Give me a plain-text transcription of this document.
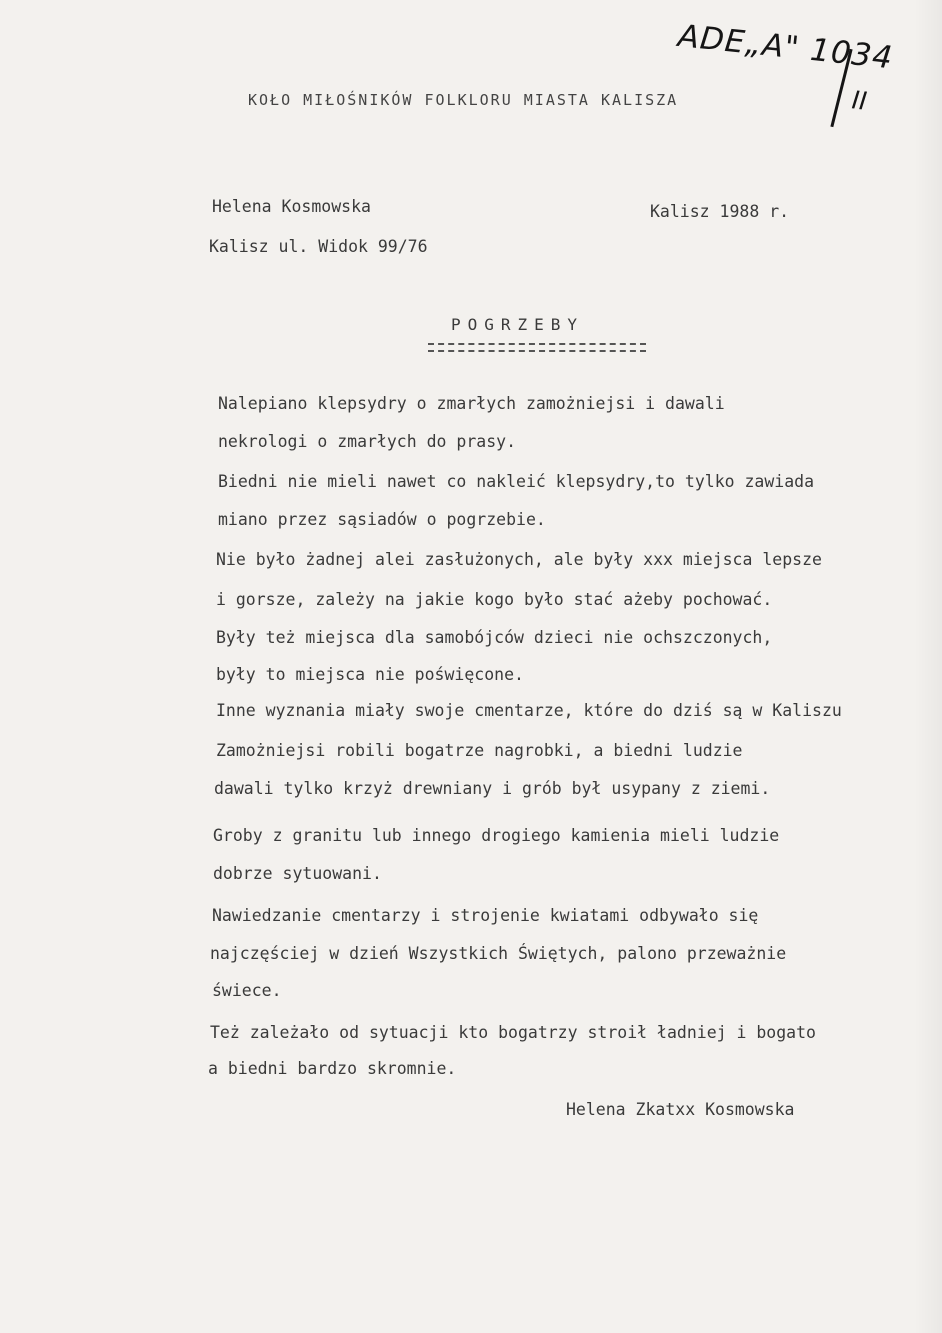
ADE„A" 1034
II
KOŁO MIŁOŚNIKÓW FOLKLORU MIASTA KALISZA
Helena Kosmowska	Kalisz 1988 r.
Kalisz ul. Widok 99/76
POGRZEBY
Nalepiano klepsydry o zmarłych zamożniejsi i dawali
nekrologi o zmarłych do prasy.
Biedni nie mieli nawet co nakleić klepsydry,to tylko zawiada
miano przez sąsiadów o pogrzebie.
Nie było żadnej alei zasłużonych, ale były xxx miejsca lepsze
i gorsze, zależy na jakie kogo było stać ażeby pochować.
Były też miejsca dla samobójców dzieci nie ochszczonych,
były to miejsca nie poświęcone.
Inne wyznania miały swoje cmentarze, które do dziś są w Kaliszu
Zamożniejsi robili bogatrze nagrobki, a biedni ludzie
dawali tylko krzyż drewniany i grób był usypany z ziemi.
Groby z granitu lub innego drogiego kamienia mieli ludzie
dobrze sytuowani.
Nawiedzanie cmentarzy i strojenie kwiatami odbywało się
najczęściej w dzień Wszystkich Świętych, palono przeważnie
świece.
Też zależało od sytuacji kto bogatrzy stroił ładniej i bogato
a biedni bardzo skromnie.
Helena Zkatxx Kosmowska
